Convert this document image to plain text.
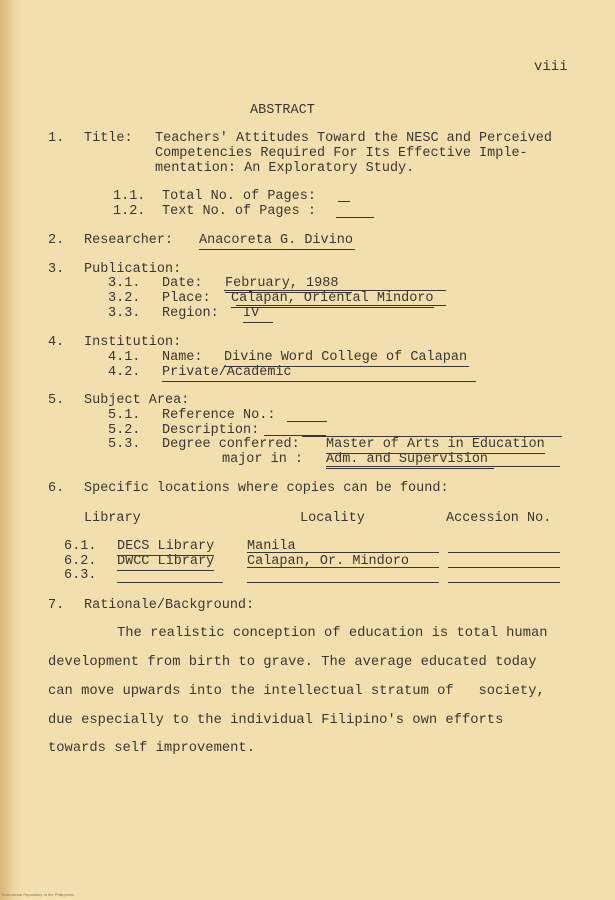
viii
ABSTRACT
1. Title: Teachers' Attitudes Toward the NESC and Perceived
Competencies Required For Its Effective Imple-
mentation: An Exploratory Study.
1.1. Total No. of Pages:
1.2. Text No. of Pages :
2. Researcher: Anacoreta G. Divino
3. Publication:
3.1. Date: February, 1988
3.2. Place: Calapan, Oriental Mindoro
3.3. Region: IV
4. Institution:
4.1. Name: Divine Word College of Calapan
4.2. Private/Academic
5. Subject Area:
5.1. Reference No.:
5.2. Description:
5.3. Degree conferred: Master of Arts in Education
major in : Adm. and Supervision
6. Specific locations where copies can be found:
Library	Locality	Accession No.
6.1. DECS Library Manila
6.2. DWCC Library Calapan, Or. Mindoro
6.3.
7. Rationale/Background:
The realistic conception of education is total human
development from birth to grave. The average educated today
can move upwards into the intellectual stratum of   society,
due especially to the individual Filipino's own efforts
towards self improvement.
Institutional Repository of the Philippines
